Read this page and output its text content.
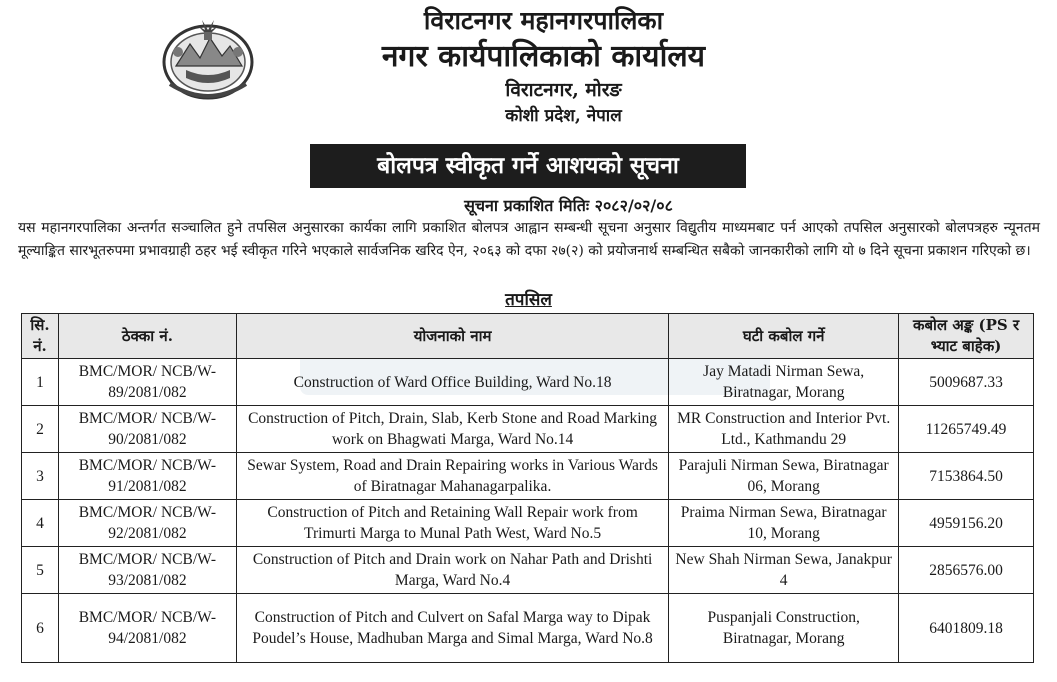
विराटनगर महानगरपालिका
नगर कार्यपालिकाको कार्यालय
विराटनगर, मोरङ
कोशी प्रदेश, नेपाल
बोलपत्र स्वीकृत गर्ने आशयको सूचना
सूचना प्रकाशित मितिः २०८२/०२/०८
यस महानगरपालिका अन्तर्गत सञ्चालित हुने तपसिल अनुसारका कार्यका लागि प्रकाशित बोलपत्र आह्वान सम्बन्धी सूचना अनुसार विद्युतीय माध्यमबाट पर्न आएको तपसिल अनुसारको बोलपत्रहरु न्यूनतम मूल्याङ्कित सारभूतरुपमा प्रभावग्राही ठहर भई स्वीकृत गरिने भएकाले सार्वजनिक खरिद ऐन, २०६३ को दफा २७(२) को प्रयोजनार्थ सम्बन्धित सबैको जानकारीको लागि यो ७ दिने सूचना प्रकाशन गरिएको छ।
तपसिल
सि. नं.	ठेक्का नं.	योजनाको नाम	घटी कबोल गर्ने	कबोल अङ्क (PS र भ्याट बाहेक)
1	BMC/MOR/ NCB/W-89/2081/082	Construction of Ward Office Building, Ward No.18	Jay Matadi Nirman Sewa, Biratnagar, Morang	5009687.33
2	BMC/MOR/ NCB/W-90/2081/082	Construction of Pitch, Drain, Slab, Kerb Stone and Road Marking work on Bhagwati Marga, Ward No.14	MR Construction and Interior Pvt. Ltd., Kathmandu 29	11265749.49
3	BMC/MOR/ NCB/W-91/2081/082	Sewar System, Road and Drain Repairing works in Various Wards of Biratnagar Mahanagarpalika.	Parajuli Nirman Sewa, Biratnagar 06, Morang	7153864.50
4	BMC/MOR/ NCB/W-92/2081/082	Construction of Pitch and Retaining Wall Repair work from Trimurti Marga to Munal Path West, Ward No.5	Praima Nirman Sewa, Biratnagar 10, Morang	4959156.20
5	BMC/MOR/ NCB/W-93/2081/082	Construction of Pitch and Drain work on Nahar Path and Drishti Marga, Ward No.4	New Shah Nirman Sewa, Janakpur 4	2856576.00
6	BMC/MOR/ NCB/W-94/2081/082	Construction of Pitch and Culvert on Safal Marga way to Dipak Poudel’s House, Madhuban Marga and Simal Marga, Ward No.8	Puspanjali Construction, Biratnagar, Morang	6401809.18
